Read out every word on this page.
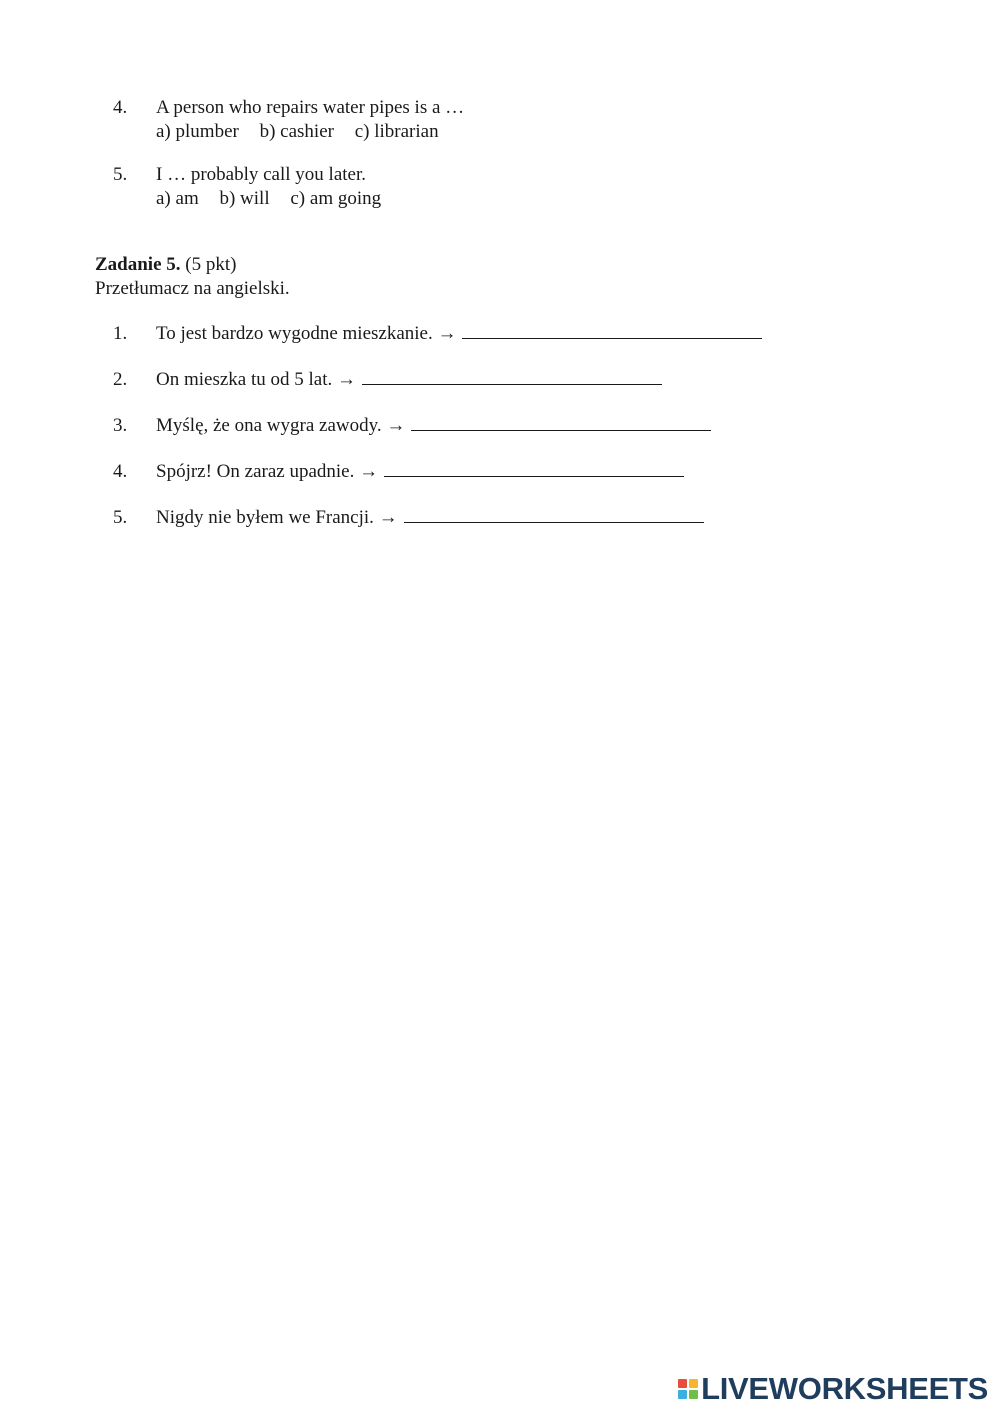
4.	A person who repairs water pipes is a …
a) plumber b) cashier c) librarian
5.	I … probably call you later.
a) am b) will c) am going
Zadanie 5. (5 pkt)
Przetłumacz na angielski.
1.	To jest bardzo wygodne mieszkanie. →
2.	On mieszka tu od 5 lat. →
3.	Myślę, że ona wygra zawody. →
4.	Spójrz! On zaraz upadnie. →
5.	Nigdy nie byłem we Francji. →
LIVEWORKSHEETS
